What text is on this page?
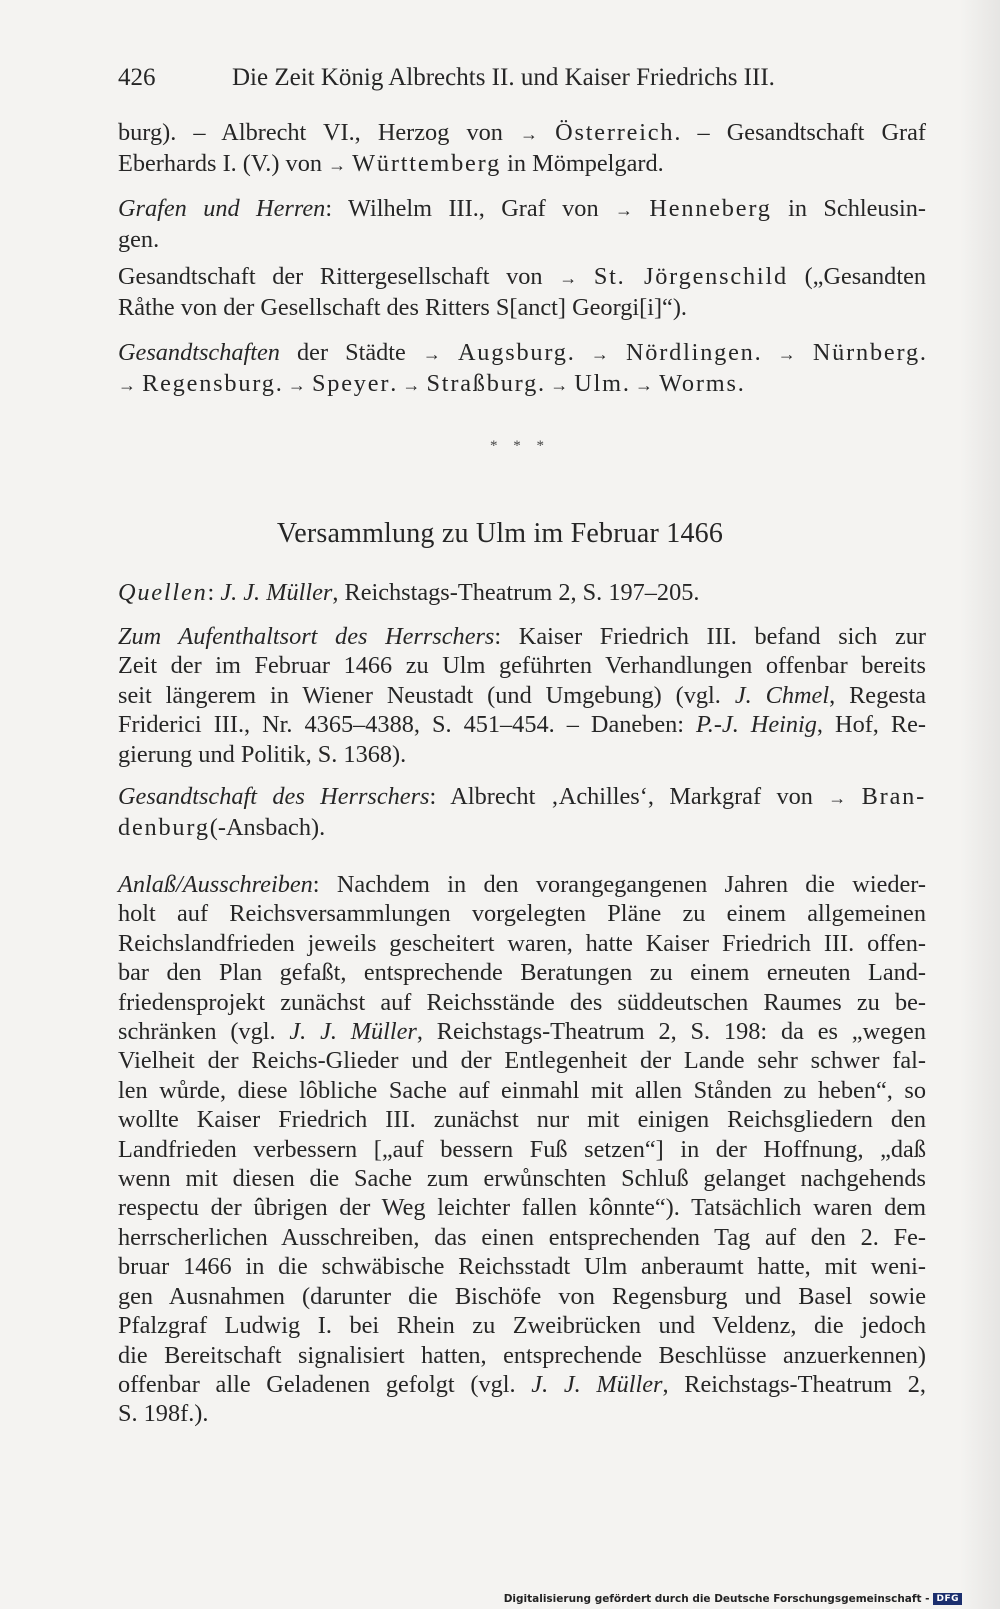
426	Die Zeit König Albrechts II. und Kaiser Friedrichs III.
burg). – Albrecht VI., Herzog von → Österreich. – Gesandtschaft Graf
Eberhards I. (V.) von → Württemberg in Mömpelgard.
Grafen und Herren: Wilhelm III., Graf von → Henneberg in Schleusin-
gen.
Gesandtschaft der Rittergesellschaft von → St. Jörgenschild („Gesandten
Råthe von der Gesellschaft des Ritters S[anct] Georgi[i]“).
Gesandtschaften der Städte → Augsburg. → Nördlingen. → Nürnberg.
→ Regensburg. → Speyer. → Straßburg. → Ulm. → Worms.
* * *
Versammlung zu Ulm im Februar 1466
Quellen: J. J. Müller, Reichstags-Theatrum 2, S. 197–205.
Zum Aufenthaltsort des Herrschers: Kaiser Friedrich III. befand sich zur
Zeit der im Februar 1466 zu Ulm geführten Verhandlungen offenbar bereits
seit längerem in Wiener Neustadt (und Umgebung) (vgl. J. Chmel, Regesta
Friderici III., Nr. 4365–4388, S. 451–454. – Daneben: P.-J. Heinig, Hof, Re-
gierung und Politik, S. 1368).
Gesandtschaft des Herrschers: Albrecht ‚Achilles‘, Markgraf von → Bran-
denburg(-Ansbach).
Anlaß/Ausschreiben: Nachdem in den vorangegangenen Jahren die wieder-
holt auf Reichsversammlungen vorgelegten Pläne zu einem allgemeinen
Reichslandfrieden jeweils gescheitert waren, hatte Kaiser Friedrich III. offen-
bar den Plan gefaßt, entsprechende Beratungen zu einem erneuten Land-
friedensprojekt zunächst auf Reichsstände des süddeutschen Raumes zu be-
schränken (vgl. J. J. Müller, Reichstags-Theatrum 2, S. 198: da es „wegen
Vielheit der Reichs-Glieder und der Entlegenheit der Lande sehr schwer fal-
len wůrde, diese lôbliche Sache auf einmahl mit allen Stånden zu heben“, so
wollte Kaiser Friedrich III. zunächst nur mit einigen Reichsgliedern den
Landfrieden verbessern [„auf bessern Fuß setzen“] in der Hoffnung, „daß
wenn mit diesen die Sache zum erwůnschten Schluß gelanget nachgehends
respectu der ûbrigen der Weg leichter fallen kônnte“). Tatsächlich waren dem
herrscherlichen Ausschreiben, das einen entsprechenden Tag auf den 2. Fe-
bruar 1466 in die schwäbische Reichsstadt Ulm anberaumt hatte, mit weni-
gen Ausnahmen (darunter die Bischöfe von Regensburg und Basel sowie
Pfalzgraf Ludwig I. bei Rhein zu Zweibrücken und Veldenz, die jedoch
die Bereitschaft signalisiert hatten, entsprechende Beschlüsse anzuerkennen)
offenbar alle Geladenen gefolgt (vgl. J. J. Müller, Reichstags-Theatrum 2,
S. 198f.).
Digitalisierung gefördert durch die Deutsche Forschungsgemeinschaft - DFG
